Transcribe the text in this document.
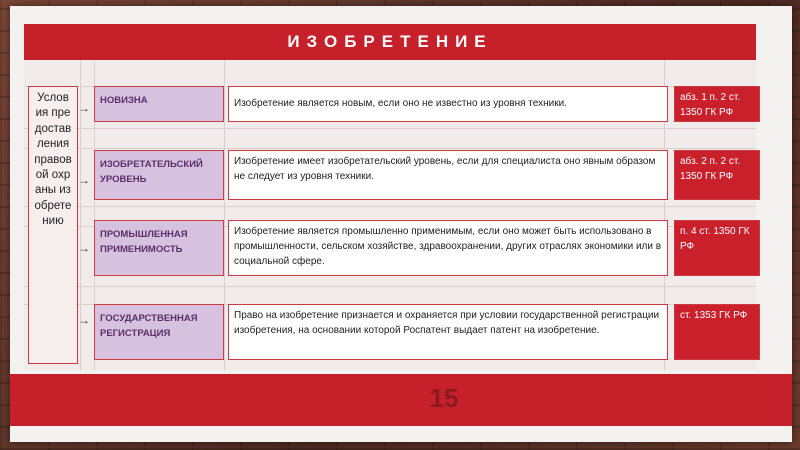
ИЗОБРЕТЕНИЕ
Условия предоставления правовой охраны изобретению
→
→
→
→
НОВИЗНА	Изобретение является новым, если оно не известно из уровня техники.
абз. 1 п. 2 ст. 1350 ГК РФ
ИЗОБРЕТАТЕЛЬСКИЙ УРОВЕНЬ
Изобретение имеет изобретательский уровень, если для специалиста оно явным образом не следует из уровня техники.
абз. 2 п. 2 ст. 1350 ГК РФ
ПРОМЫШЛЕННАЯ ПРИМЕНИМОСТЬ
Изобретение является промышленно применимым, если оно может быть использовано в промышленности, сельском хозяйстве, здравоохранении, других отраслях экономики или в социальной сфере.
п. 4 ст. 1350 ГК РФ
ГОСУДАРСТВЕННАЯ РЕГИСТРАЦИЯ
Право на изобретение признается и охраняется при условии государственной регистрации изобретения, на основании которой Роспатент выдает патент на изобретение.
ст. 1353 ГК РФ
15
